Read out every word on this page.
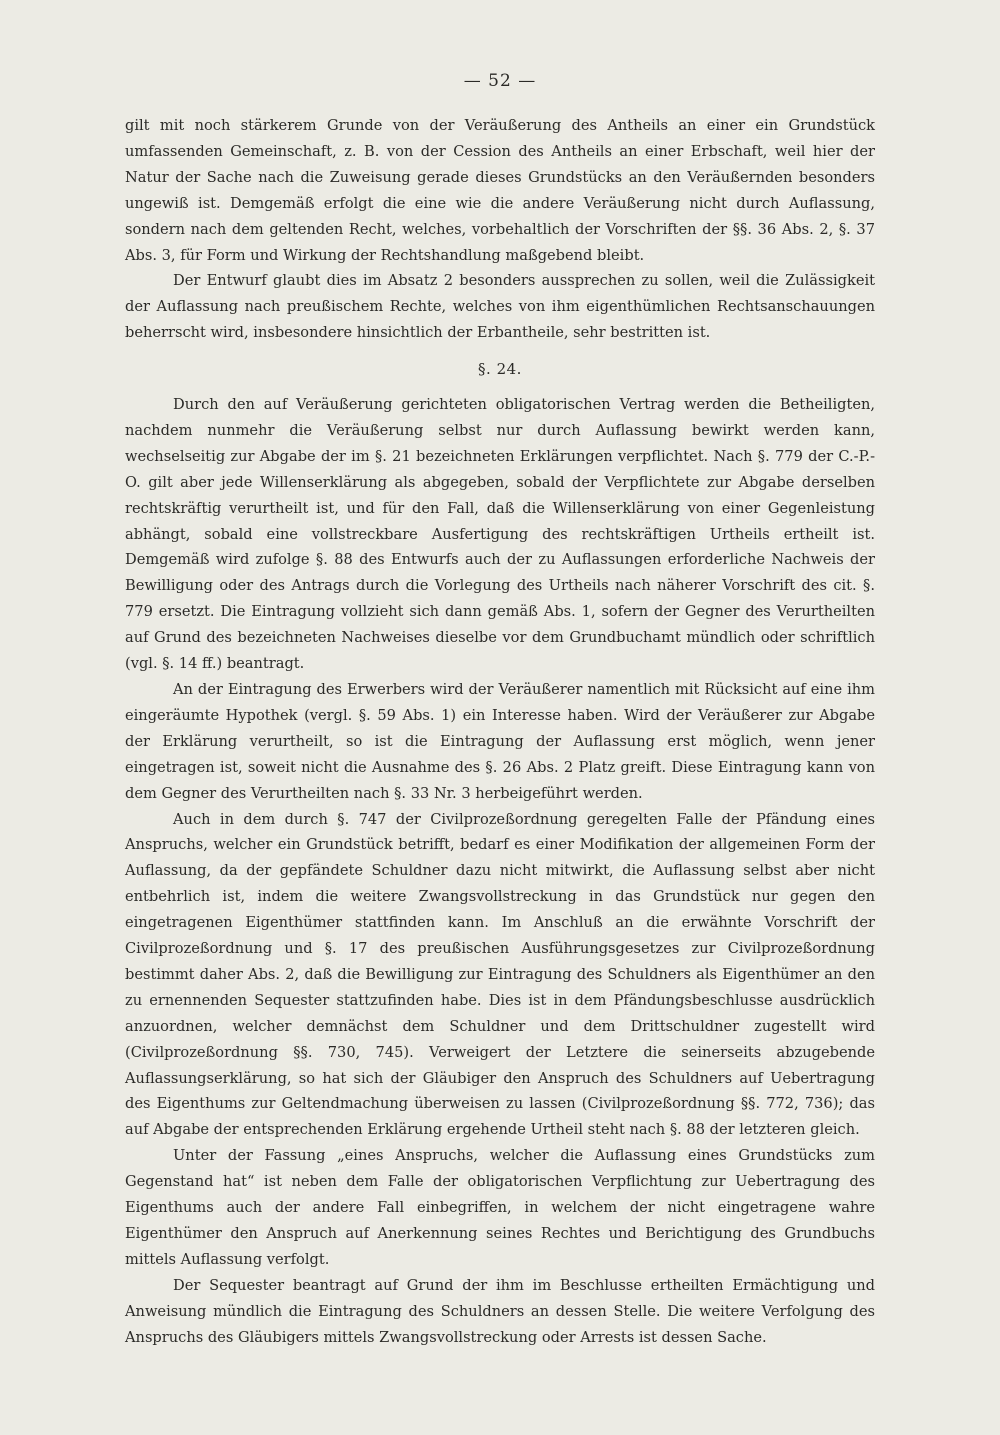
— 52 —

gilt mit noch stärkerem Grunde von der Veräußerung des Antheils an einer ein Grundstück umfassenden Gemeinschaft, z. B. von der Cession des Antheils an einer Erbschaft, weil hier der Natur der Sache nach die Zuweisung gerade dieses Grundstücks an den Veräußernden besonders ungewiß ist. Demgemäß erfolgt die eine wie die andere Veräußerung nicht durch Auflassung, sondern nach dem geltenden Recht, welches, vorbehaltlich der Vorschriften der §§. 36 Abs. 2, §. 37 Abs. 3, für Form und Wirkung der Rechtshandlung maßgebend bleibt.

Der Entwurf glaubt dies im Absatz 2 besonders aussprechen zu sollen, weil die Zulässigkeit der Auflassung nach preußischem Rechte, welches von ihm eigenthümlichen Rechtsanschauungen beherrscht wird, insbesondere hinsichtlich der Erbantheile, sehr bestritten ist.

§. 24.

Durch den auf Veräußerung gerichteten obligatorischen Vertrag werden die Betheiligten, nachdem nunmehr die Veräußerung selbst nur durch Auflassung bewirkt werden kann, wechselseitig zur Abgabe der im §. 21 bezeichneten Erklärungen verpflichtet. Nach §. 779 der C.-P.-O. gilt aber jede Willenserklärung als abgegeben, sobald der Verpflichtete zur Abgabe derselben rechtskräftig verurtheilt ist, und für den Fall, daß die Willenserklärung von einer Gegenleistung abhängt, sobald eine vollstreckbare Ausfertigung des rechtskräftigen Urtheils ertheilt ist. Demgemäß wird zufolge §. 88 des Entwurfs auch der zu Auflassungen erforderliche Nachweis der Bewilligung oder des Antrags durch die Vorlegung des Urtheils nach näherer Vorschrift des cit. §. 779 ersetzt. Die Eintragung vollzieht sich dann gemäß Abs. 1, sofern der Gegner des Verurtheilten auf Grund des bezeichneten Nachweises dieselbe vor dem Grundbuchamt mündlich oder schriftlich (vgl. §. 14 ff.) beantragt.

An der Eintragung des Erwerbers wird der Veräußerer namentlich mit Rücksicht auf eine ihm eingeräumte Hypothek (vergl. §. 59 Abs. 1) ein Interesse haben. Wird der Veräußerer zur Abgabe der Erklärung verurtheilt, so ist die Eintragung der Auflassung erst möglich, wenn jener eingetragen ist, soweit nicht die Ausnahme des §. 26 Abs. 2 Platz greift. Diese Eintragung kann von dem Gegner des Verurtheilten nach §. 33 Nr. 3 herbeigeführt werden.

Auch in dem durch §. 747 der Civilprozeßordnung geregelten Falle der Pfändung eines Anspruchs, welcher ein Grundstück betrifft, bedarf es einer Modifikation der allgemeinen Form der Auflassung, da der gepfändete Schuldner dazu nicht mitwirkt, die Auflassung selbst aber nicht entbehrlich ist, indem die weitere Zwangsvollstreckung in das Grundstück nur gegen den eingetragenen Eigenthümer stattfinden kann. Im Anschluß an die erwähnte Vorschrift der Civilprozeßordnung und §. 17 des preußischen Ausführungsgesetzes zur Civilprozeßordnung bestimmt daher Abs. 2, daß die Bewilligung zur Eintragung des Schuldners als Eigenthümer an den zu ernennenden Sequester stattzufinden habe. Dies ist in dem Pfändungsbeschlusse ausdrücklich anzuordnen, welcher demnächst dem Schuldner und dem Drittschuldner zugestellt wird (Civilprozeßordnung §§. 730, 745). Verweigert der Letztere die seinerseits abzugebende Auflassungserklärung, so hat sich der Gläubiger den Anspruch des Schuldners auf Uebertragung des Eigenthums zur Geltendmachung überweisen zu lassen (Civilprozeßordnung §§. 772, 736); das auf Abgabe der entsprechenden Erklärung ergehende Urtheil steht nach §. 88 der letzteren gleich.

Unter der Fassung „eines Anspruchs, welcher die Auflassung eines Grundstücks zum Gegenstand hat“ ist neben dem Falle der obligatorischen Verpflichtung zur Uebertragung des Eigenthums auch der andere Fall einbegriffen, in welchem der nicht eingetragene wahre Eigenthümer den Anspruch auf Anerkennung seines Rechtes und Berichtigung des Grundbuchs mittels Auflassung verfolgt.

Der Sequester beantragt auf Grund der ihm im Beschlusse ertheilten Ermächtigung und Anweisung mündlich die Eintragung des Schuldners an dessen Stelle. Die weitere Verfolgung des Anspruchs des Gläubigers mittels Zwangsvollstreckung oder Arrests ist dessen Sache.
